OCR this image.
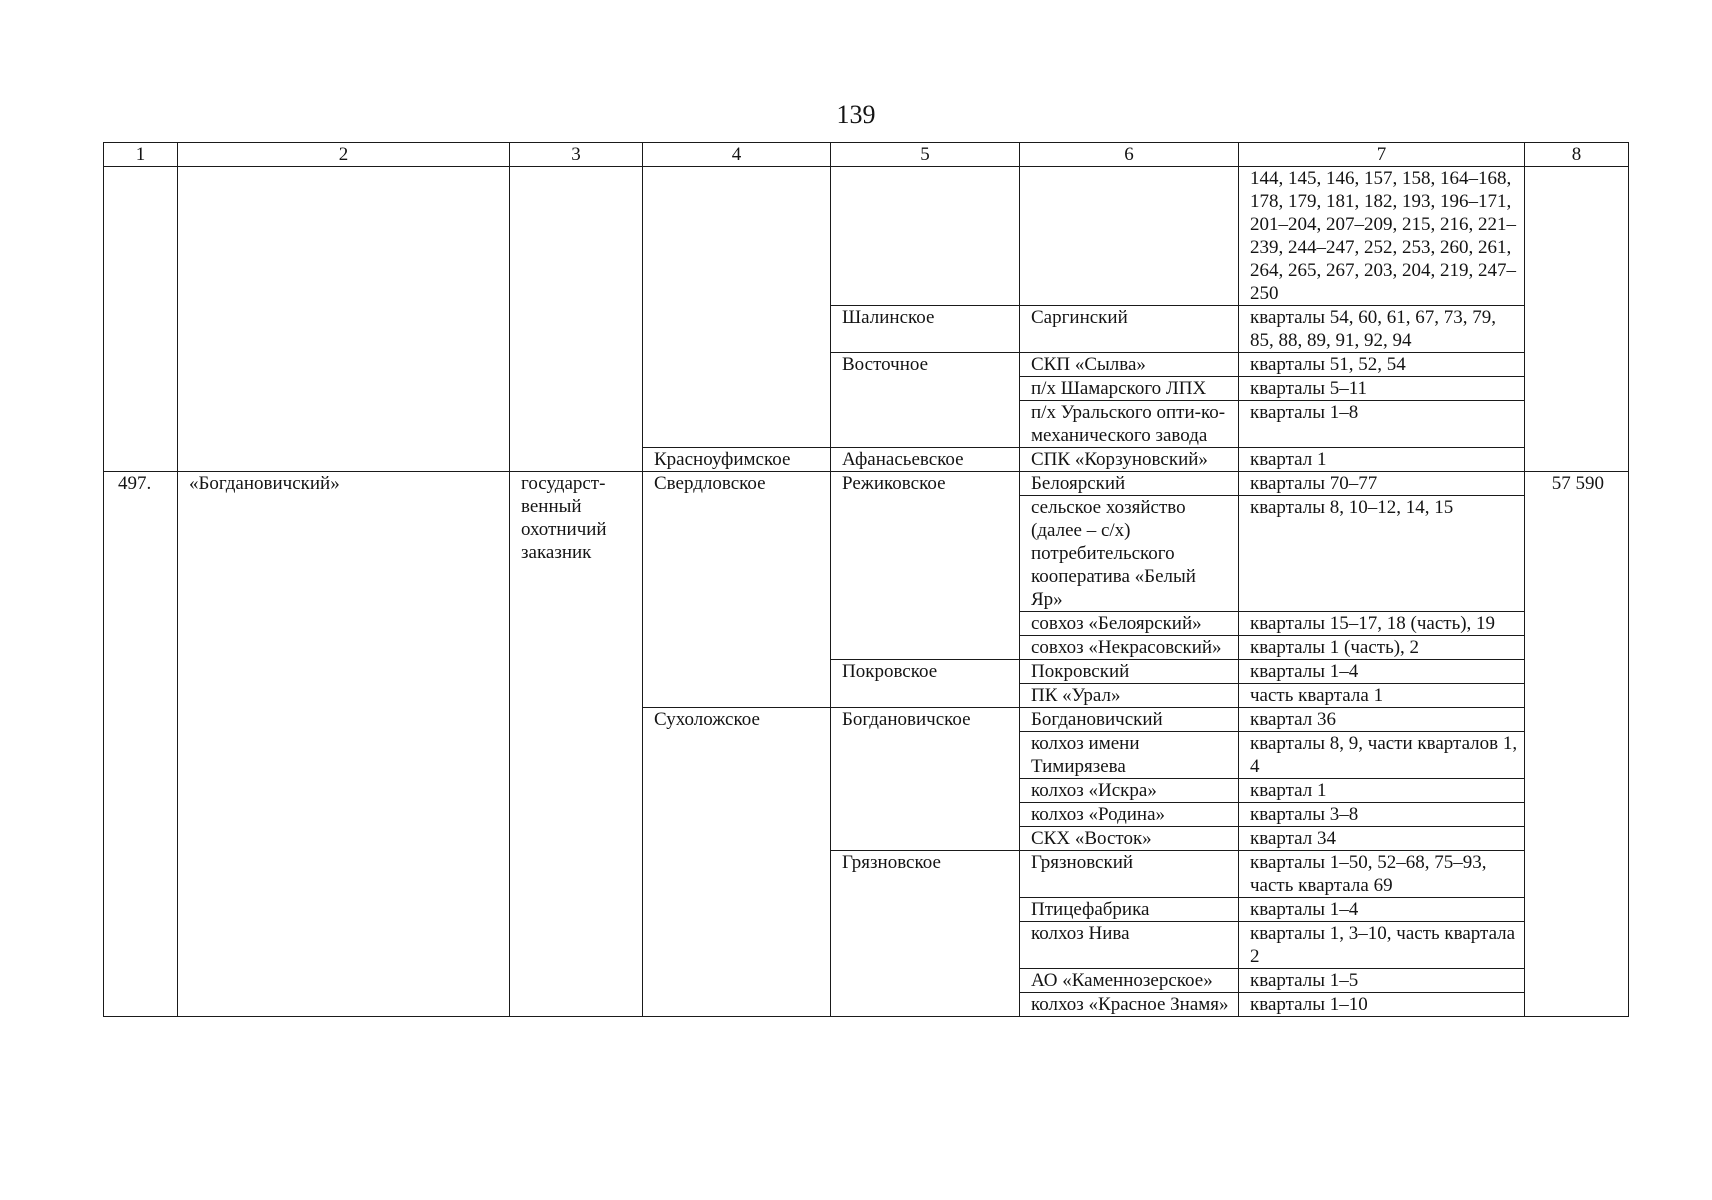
139
1	2	3	4	5	6	7	8
						144, 145, 146, 157, 158, 164–168, 178, 179, 181, 182, 193, 196–171, 201–204, 207–209, 215, 216, 221–239, 244–247, 252, 253, 260, 261, 264, 265, 267, 203, 204, 219, 247–250	
				Шалинское	Саргинский	кварталы 54, 60, 61, 67, 73, 79, 85, 88, 89, 91, 92, 94	
				Восточное	СКП «Сылва»	кварталы 51, 52, 54	
					п/х Шамарского ЛПХ	кварталы 5–11	
					п/х Уральского опти-ко-механического завода	кварталы 1–8	
			Красноуфимское	Афанасьевское	СПК «Корзуновский»	квартал 1	
497.	«Богдановичский»	государст-венный охотничий заказник	Свердловское	Режиковское	Белоярский	кварталы 70–77	57 590
					сельское хозяйство (далее – с/х) потребительского кооператива «Белый Яр»	кварталы 8, 10–12, 14, 15	
					совхоз «Белоярский»	кварталы 15–17, 18 (часть), 19	
					совхоз «Некрасовский»	кварталы 1 (часть), 2	
				Покровское	Покровский	кварталы 1–4	
					ПК «Урал»	часть квартала 1	
			Сухоложское	Богдановичское	Богдановичский	квартал 36	
					колхоз имени Тимирязева	кварталы 8, 9, части кварталов 1, 4	
					колхоз «Искра»	квартал 1	
					колхоз «Родина»	кварталы 3–8	
					СКХ «Восток»	квартал 34	
				Грязновское	Грязновский	кварталы 1–50, 52–68, 75–93, часть квартала 69	
					Птицефабрика	кварталы 1–4	
					колхоз Нива	кварталы 1, 3–10, часть квартала 2	
					АО «Каменнозерское»	кварталы 1–5	
					колхоз «Красное Знамя»	кварталы 1–10	
